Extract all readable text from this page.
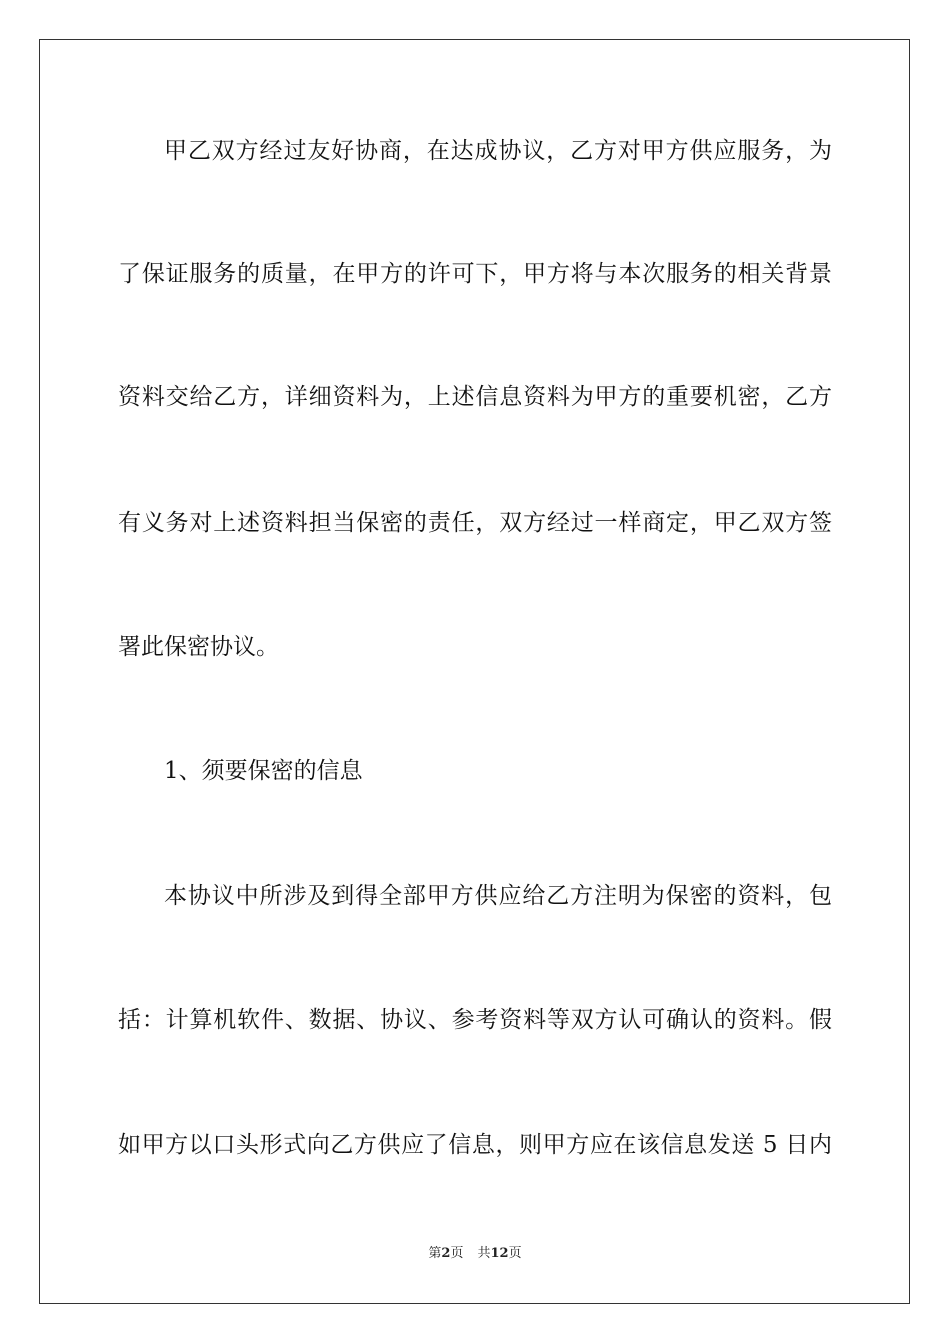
甲乙双方经过友好协商，在达成协议，乙方对甲方供应服务，为
了保证服务的质量，在甲方的许可下，甲方将与本次服务的相关背景
资料交给乙方，详细资料为，上述信息资料为甲方的重要机密，乙方
有义务对上述资料担当保密的责任，双方经过一样商定，甲乙双方签
署此保密协议。
1、须要保密的信息
本协议中所涉及到得全部甲方供应给乙方注明为保密的资料，包
括：计算机软件、数据、协议、参考资料等双方认可确认的资料。假
如甲方以口头形式向乙方供应了信息，则甲方应在该信息发送 5 日内
第2页 共12页
